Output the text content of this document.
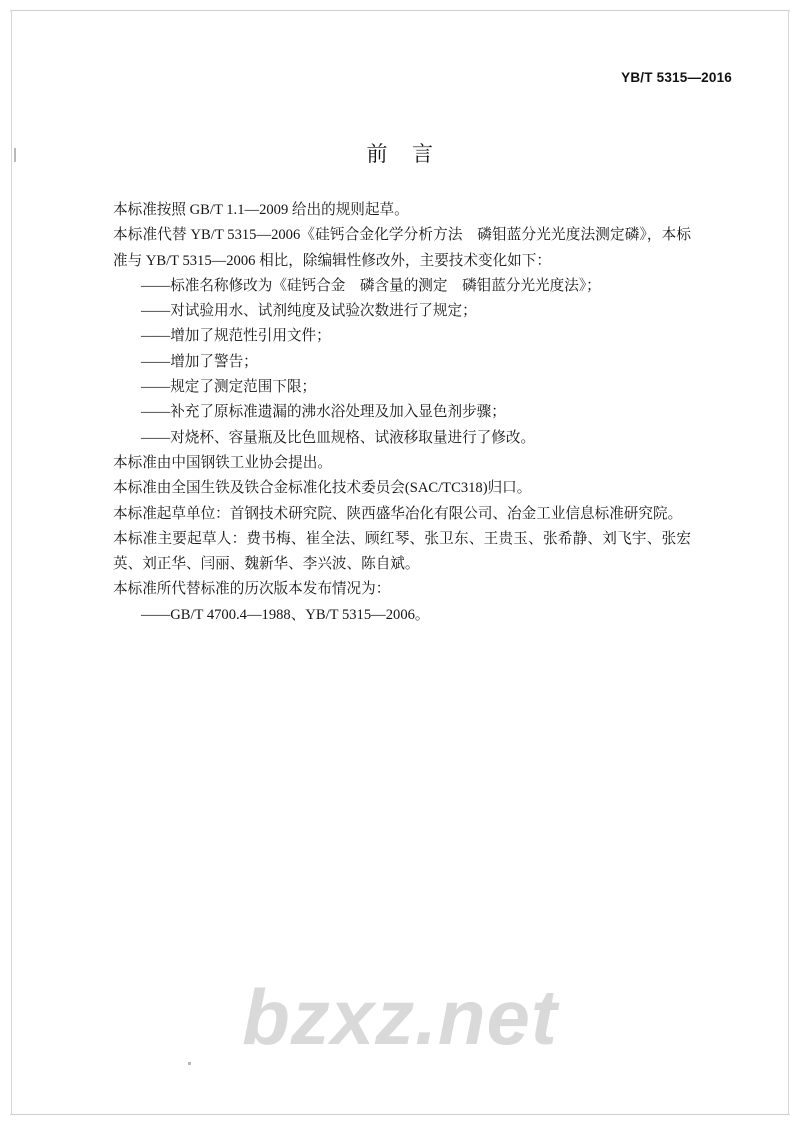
YB/T 5315—2016
前 言

本标准按照 GB/T 1.1—2009 给出的规则起草。

本标准代替 YB/T 5315—2006《硅钙合金化学分析方法　磷钼蓝分光光度法测定磷》，本标准与 YB/T 5315—2006 相比，除编辑性修改外，主要技术变化如下：

——标准名称修改为《硅钙合金　磷含量的测定　磷钼蓝分光光度法》；

——对试验用水、试剂纯度及试验次数进行了规定；

——增加了规范性引用文件；

——增加了警告；

——规定了测定范围下限；

——补充了原标准遗漏的沸水浴处理及加入显色剂步骤；

——对烧杯、容量瓶及比色皿规格、试液移取量进行了修改。

本标准由中国钢铁工业协会提出。

本标准由全国生铁及铁合金标准化技术委员会(SAC/TC318)归口。

本标准起草单位：首钢技术研究院、陕西盛华冶化有限公司、冶金工业信息标准研究院。

本标准主要起草人：费书梅、崔全法、顾红琴、张卫东、王贵玉、张希静、刘飞宇、张宏英、刘正华、闫丽、魏新华、李兴波、陈自斌。

本标准所代替标准的历次版本发布情况为：

——GB/T 4700.4—1988、YB/T 5315—2006。

bzxz.net
